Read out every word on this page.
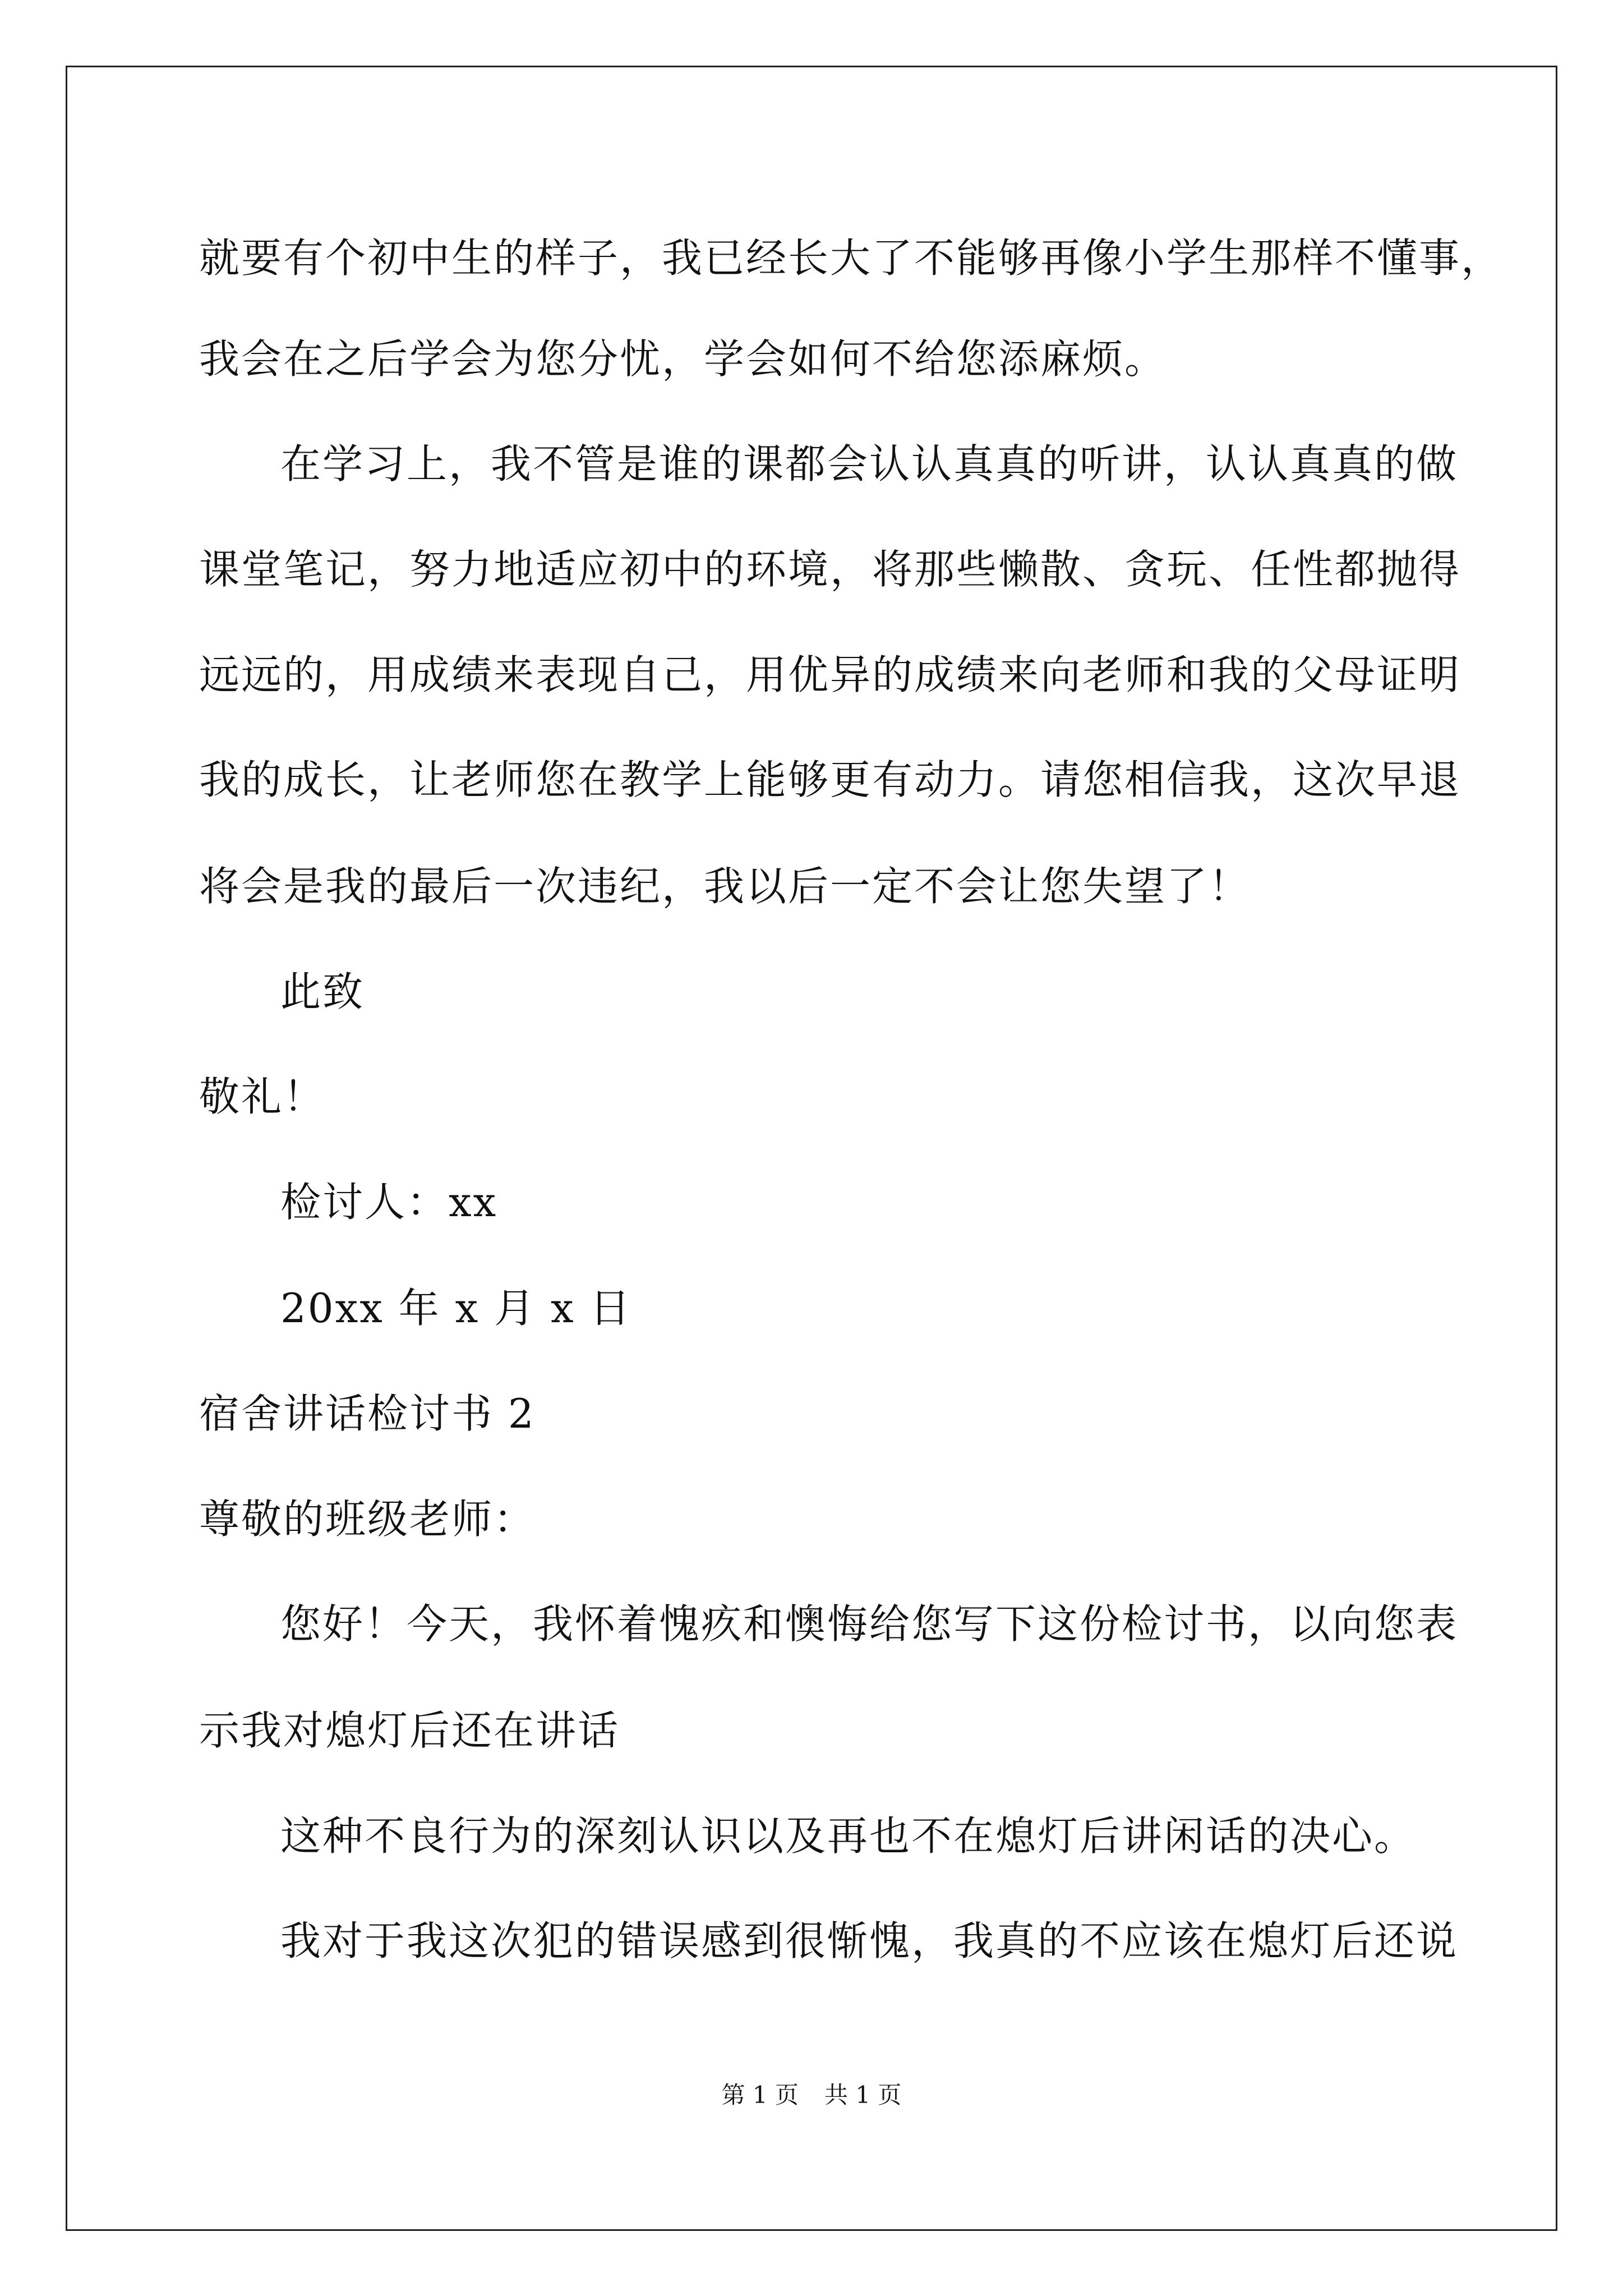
就要有个初中生的样子，我已经长大了不能够再像小学生那样不懂事，
我会在之后学会为您分忧，学会如何不给您添麻烦。
在学习上，我不管是谁的课都会认认真真的听讲，认认真真的做
课堂笔记，努力地适应初中的环境，将那些懒散、贪玩、任性都抛得
远远的，用成绩来表现自己，用优异的成绩来向老师和我的父母证明
我的成长，让老师您在教学上能够更有动力。请您相信我，这次早退
将会是我的最后一次违纪，我以后一定不会让您失望了！
此致
敬礼！
检讨人：xx
20xx 年 x 月 x 日
宿舍讲话检讨书 2
尊敬的班级老师：
您好！今天，我怀着愧疚和懊悔给您写下这份检讨书，以向您表
示我对熄灯后还在讲话
这种不良行为的深刻认识以及再也不在熄灯后讲闲话的决心。
我对于我这次犯的错误感到很惭愧，我真的不应该在熄灯后还说
第 1 页 共 1 页
